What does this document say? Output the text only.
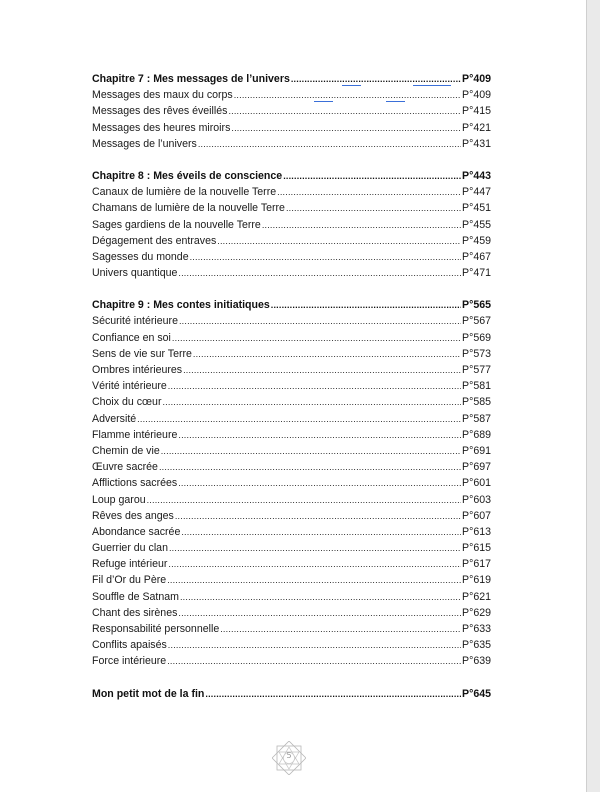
Chapitre 7 : Mes messages de l’univers .....	P°409
Messages des maux du corps .....	P°409
Messages des rêves éveillés .....	P°415
Messages des heures miroirs .....	P°421
Messages de l’univers .....	P°431
Chapitre 8 : Mes éveils de conscience .....	P°443
Canaux de lumière de la nouvelle Terre .....	P°447
Chamans de lumière de la nouvelle Terre .....	P°451
Sages gardiens de la nouvelle Terre .....	P°455
Dégagement des entraves .....	P°459
Sagesses du monde .....	P°467
Univers quantique .....	P°471
Chapitre 9 : Mes contes initiatiques .....	P°565
Sécurité intérieure .....	P°567
Confiance en soi .....	P°569
Sens de vie sur Terre .....	P°573
Ombres intérieures .....	P°577
Vérité intérieure .....	P°581
Choix du cœur .....	P°585
Adversité .....	P°587
Flamme intérieure .....	P°689
Chemin de vie .....	P°691
Œuvre sacrée .....	P°697
Afflictions sacrées .....	P°601
Loup garou .....	P°603
Rêves des anges .....	P°607
Abondance sacrée .....	P°613
Guerrier du clan .....	P°615
Refuge intérieur .....	P°617
Fil d’Or du Père .....	P°619
Souffle de Satnam .....	P°621
Chant des sirènes .....	P°629
Responsabilité personnelle .....	P°633
Conflits apaisés .....	P°635
Force intérieure .....	P°639
Mon petit mot de la fin .....	P°645
5
